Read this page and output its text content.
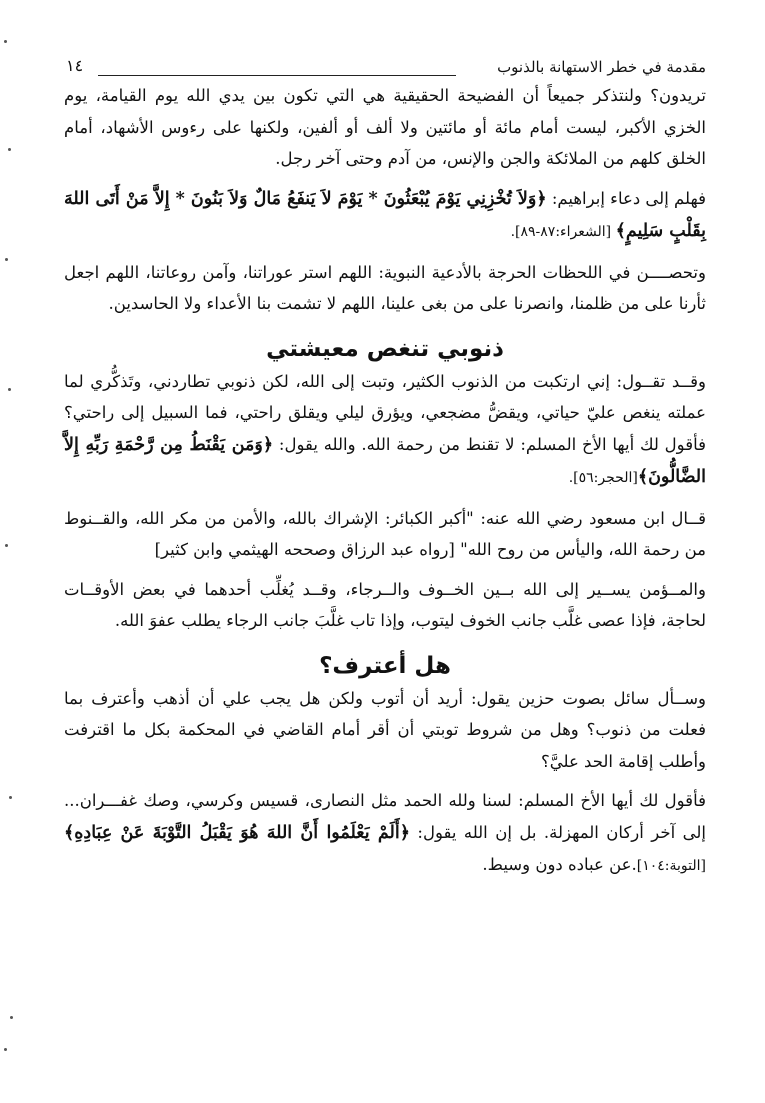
مقدمة في خطر الاستهانة بالذنوب
١٤

تريدون؟ ولنتذكر جميعاً أن الفضيحة الحقيقية هي التي تكون بين يدي الله يوم القيامة، يوم الخزي الأكبر، ليست أمام مائة أو مائتين ولا ألف أو ألفين، ولكنها على رءوس الأشهاد، أمام الخلق كلهم من الملائكة والجن والإنس، من آدم وحتى آخر رجل.

فهلم إلى دعاء إبراهيم: ﴿وَلاَ تُخْزِنِي يَوْمَ يُبْعَثُونَ * يَوْمَ لاَ يَنفَعُ مَالٌ وَلاَ بَنُونَ * إِلاَّ مَنْ أَتَى اللهَ بِقَلْبٍ سَلِيمٍ﴾ [الشعراء:٨٧-٨٩].

وتحصــــن في اللحظات الحرجة بالأدعية النبوية: اللهم استر عوراتنا، وآمن روعاتنا، اللهم اجعل ثأرنا على من ظلمنا، وانصرنا على من بغى علينا، اللهم لا تشمت بنا الأعداء ولا الحاسدين.

ذنوبي تنغص معيشتي

وقــد تقــول: إني ارتكبت من الذنوب الكثير، وتبت إلى الله، لكن ذنوبي تطاردني، وتَذكُّري لما عملته ينغص عليّ حياتي، ويقضُّ مضجعي، ويؤرق ليلي ويقلق راحتي، فما السبيل إلى راحتي؟ فأقول لك أيها الأخ المسلم: لا تقنط من رحمة الله. والله يقول: ﴿وَمَن يَقْنَطُ مِن رَّحْمَةِ رَبِّهِ إِلاَّ الضَّالُّونَ﴾[الحجر:٥٦].

قــال ابن مسعود رضي الله عنه: "أكبر الكبائر: الإشراك بالله، والأمن من مكر الله، والقــنوط من رحمة الله، واليأس من روح الله" [رواه عبد الرزاق وصححه الهيثمي وابن كثير]

والمــؤمن يســير إلى الله بــين الخــوف والــرجاء، وقــد يُغلِّب أحدهما في بعض الأوقــات لحاجة، فإذا عصى غلَّب جانب الخوف ليتوب، وإذا تاب غلَّبَ جانب الرجاء يطلب عفوَ الله.

هل أعترف؟

وســأل سائل بصوت حزين يقول: أريد أن أتوب ولكن هل يجب علي أن أذهب وأعترف بما فعلت من ذنوب؟ وهل من شروط توبتي أن أقر أمام القاضي في المحكمة بكل ما اقترفت وأطلب إقامة الحد عليَّ؟

فأقول لك أيها الأخ المسلم: لسنا ولله الحمد مثل النصارى، قسيس وكرسي، وصك غفـــران... إلى آخر أركان المهزلة. بل إن الله يقول: ﴿أَلَمْ يَعْلَمُوا أَنَّ اللهَ هُوَ يَقْبَلُ التَّوْبَةَ عَنْ عِبَادِهِ﴾[التوبة:١٠٤].عن عباده دون وسيط.
